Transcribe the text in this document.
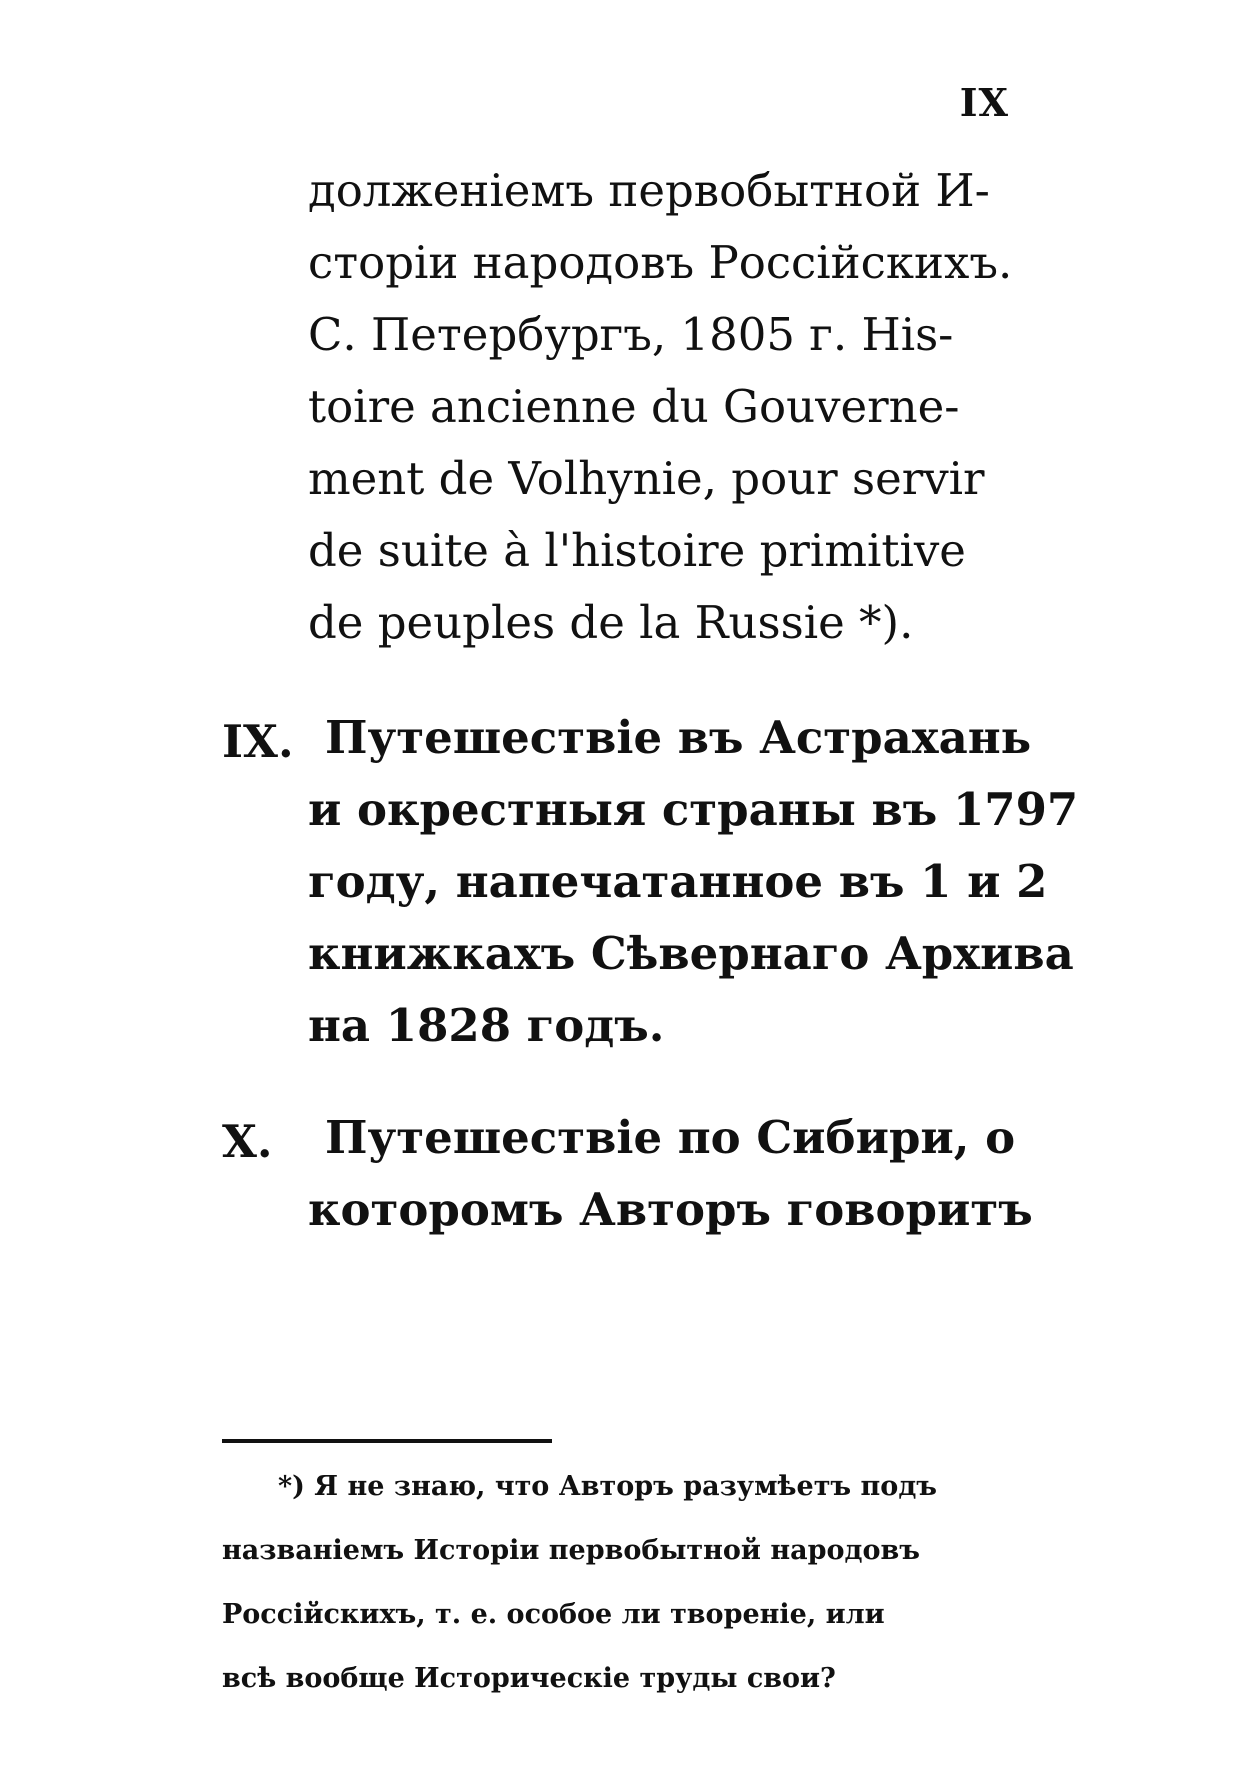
IX
долженіемъ первобытной И-
сторіи народовъ Россійскихъ.
С. Петербургъ, 1805 г. His-
toire ancienne du Gouverne-
ment de Volhynie, pour servir
de suite à l'histoire primitive
de peuples de la Russie *).
IX. Путешествіе въ Астрахань
и окрестныя страны въ 1797
году, напечатанное въ 1 и 2
книжкахъ Сѣвернаго Архива
на 1828 годъ.
X. Путешествіе по Сибири, о
которомъ Авторъ говоритъ
*) Я не знаю, что Авторъ разумѣетъ подъ
названіемъ Исторіи первобытной народовъ
Россійскихъ, т. е. особое ли твореніе, или
всѣ вообще Историческіе труды свои?
